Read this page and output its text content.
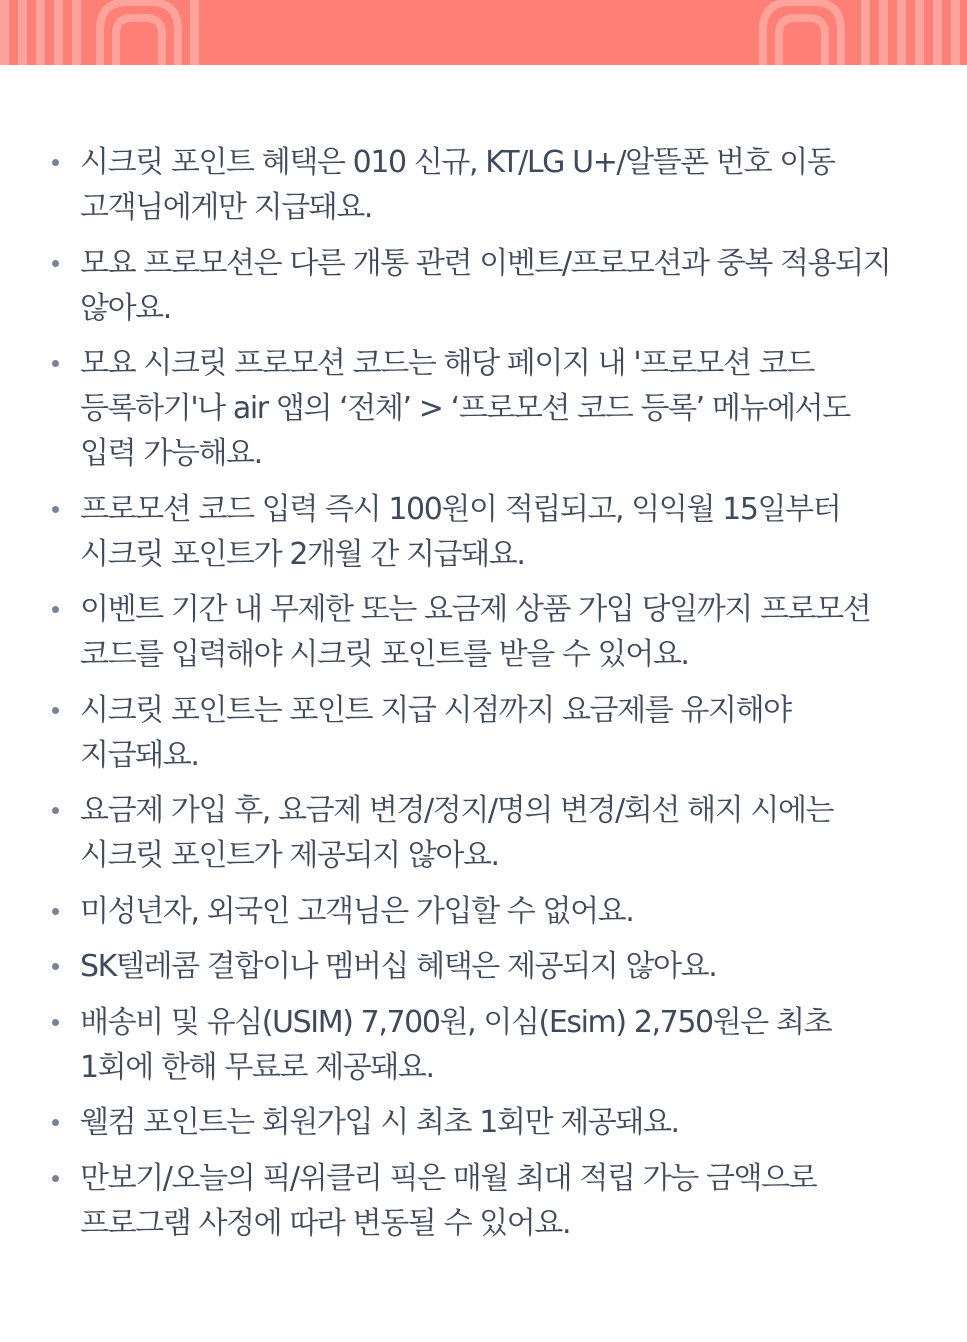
시크릿 포인트 혜택은 010 신규, KT/LG U+/알뜰폰 번호 이동 고객님에게만 지급돼요.
모요 프로모션은 다른 개통 관련 이벤트/프로모션과 중복 적용되지 않아요.
모요 시크릿 프로모션 코드는 해당 페이지 내 '프로모션 코드 등록하기'나 air 앱의 ‘전체’ > ‘프로모션 코드 등록’ 메뉴에서도 입력 가능해요.
프로모션 코드 입력 즉시 100원이 적립되고, 익익월 15일부터 시크릿 포인트가 2개월 간 지급돼요.
이벤트 기간 내 무제한 또는 요금제 상품 가입 당일까지 프로모션 코드를 입력해야 시크릿 포인트를 받을 수 있어요.
시크릿 포인트는 포인트 지급 시점까지 요금제를 유지해야 지급돼요.
요금제 가입 후, 요금제 변경/정지/명의 변경/회선 해지 시에는 시크릿 포인트가 제공되지 않아요.
미성년자, 외국인 고객님은 가입할 수 없어요.
SK텔레콤 결합이나 멤버십 혜택은 제공되지 않아요.
배송비 및 유심(USIM) 7,700원, 이심(Esim) 2,750원은 최초 1회에 한해 무료로 제공돼요.
웰컴 포인트는 회원가입 시 최초 1회만 제공돼요.
만보기/오늘의 픽/위클리 픽은 매월 최대 적립 가능 금액으로 프로그램 사정에 따라 변동될 수 있어요.
